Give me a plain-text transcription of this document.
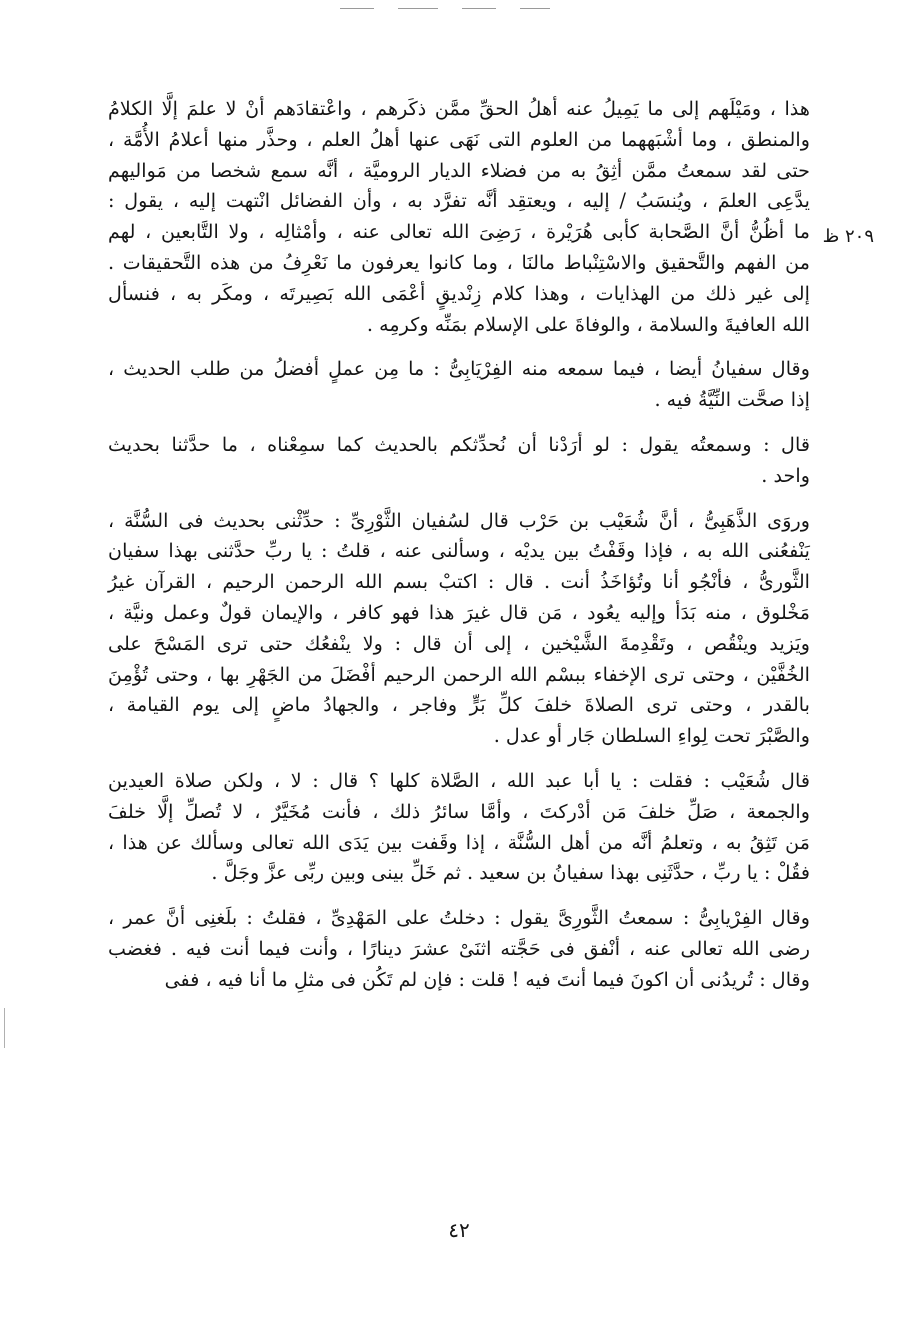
٢٠٩ ظ
هذا ، ومَيْلَهم إلى ما يَمِيلُ عنه أهلُ الحقِّ ممَّن ذكَرهم ، واعْتقادَهم أنْ لا علمَ إلَّا الكلامُ
والمنطق ، وما أشْبَههما من العلوم التى نَهَى عنها أهلُ العلم ، وحذَّر منها أعلامُ الأُمَّة ،
حتى لقد سمعتُ ممَّن أثِقُ به من فضلاء الديار الروميَّة ، أنَّه سمع شخصا من مَواليهم
يدَّعِى العلمَ ، ويُنسَبُ / إليه ، ويعتقِد أنَّه تفرَّد به ، وأن الفضائل انْتهت إليه ، يقول :
ما أظُنُّ أنَّ الصَّحابة كأبى هُرَيْرة ، رَضِىَ الله تعالى عنه ، وأمْثالِه ، ولا التَّابعين ، لهم
من الفهم والتَّحقيق والاسْتِنْباط مالنَا ، وما كانوا يعرفون ما نَعْرِفُ من هذه التَّحقيقات .
إلى غير ذلك من الهذايات ، وهذا كلام زِنْديقٍ أعْمَى الله بَصِيرتَه ، ومكَر به ، فنسأل
الله العافيةَ والسلامة ، والوفاةَ على الإسلام بمَنِّه وكرمِه .
وقال سفيانُ أيضا ، فيما سمعه منه الفِرْيَابِىُّ : ما مِن عملٍ أفضلُ من طلب الحديث ،
إذا صحَّت النِّيَّةُ فيه .
قال : وسمعتُه يقول : لو أرَدْنا أن نُحدِّثكم بالحديث كما سمِعْناه ، ما حدَّثنا بحديث
واحد .
وروَى الذَّهَبِىُّ ، أنَّ شُعَيْب بن حَرْب قال لسُفيان الثَّوْرِىِّ : حدِّثْنى بحديث فى السُّنَّة ،
يَنْفعُنى الله به ، فإذا وقَفْتُ بين يديْه ، وسألنى عنه ، قلتُ : يا ربِّ حدَّثنى بهذا سفيان
الثَّورىُّ ، فأنْجُو أنا وتُؤاخَذُ أنت . قال : اكتبْ بسم الله الرحمن الرحيم ، القرآن غيرُ
مَخْلوق ، منه بَدَأ وإليه يعُود ، مَن قال غيرَ هذا فهو كافر ، والإيمان قولٌ وعمل ونيَّة ،
ويَزيد وينْقُص ، وتَقْدِمةَ الشَّيْخين ، إلى أن قال : ولا ينْفعُك حتى ترى المَسْحَ على
الخُفَّيْن ، وحتى ترى الإخفاء ببسْم الله الرحمن الرحيم أفْضَلَ من الجَهْرِ بها ، وحتى تُؤْمِنَ
بالقدر ، وحتى ترى الصلاةَ خلفَ كلِّ بَرٍّ وفاجر ، والجهادُ ماضٍ إلى يوم القيامة ،
والصَّبْرَ تحت لِواءِ السلطان جَار أو عدل .
قال شُعَيْب : فقلت : يا أبا عبد الله ، الصَّلاة كلها ؟ قال : لا ، ولكن صلاة العيدين
والجمعة ، صَلِّ خلفَ مَن أدْركتَ ، وأمَّا سائرُ ذلك ، فأنت مُخَيَّرٌ ، لا تُصلِّ إلَّا خلفَ
مَن تَثِقُ به ، وتعلمُ أنَّه من أهل السُّنَّة ، إذا وقَفت بين يَدَى الله تعالى وسألك عن هذا ،
فقُلْ : يا ربِّ ، حدَّثَنِى بهذا سفيانُ بن سعيد . ثم خَلِّ بينى وبين ربِّى عزَّ وجَلَّ .
وقال الفِرْيابِىُّ : سمعتُ الثَّورِىَّ يقول : دخلتُ على المَهْدِىِّ ، فقلتُ : بلَغنِى أنَّ عمر ،
رضى الله تعالى عنه ، أنْفق فى حَجَّته اثنَىْ عشرَ دينارًا ، وأنت فيما أنت فيه . فغضب
وقال : تُريدُنى أن اكونَ فيما أنتَ فيه ! قلت : فإن لم تَكُن فى مثلِ ما أنا فيه ، ففى
٤٢
